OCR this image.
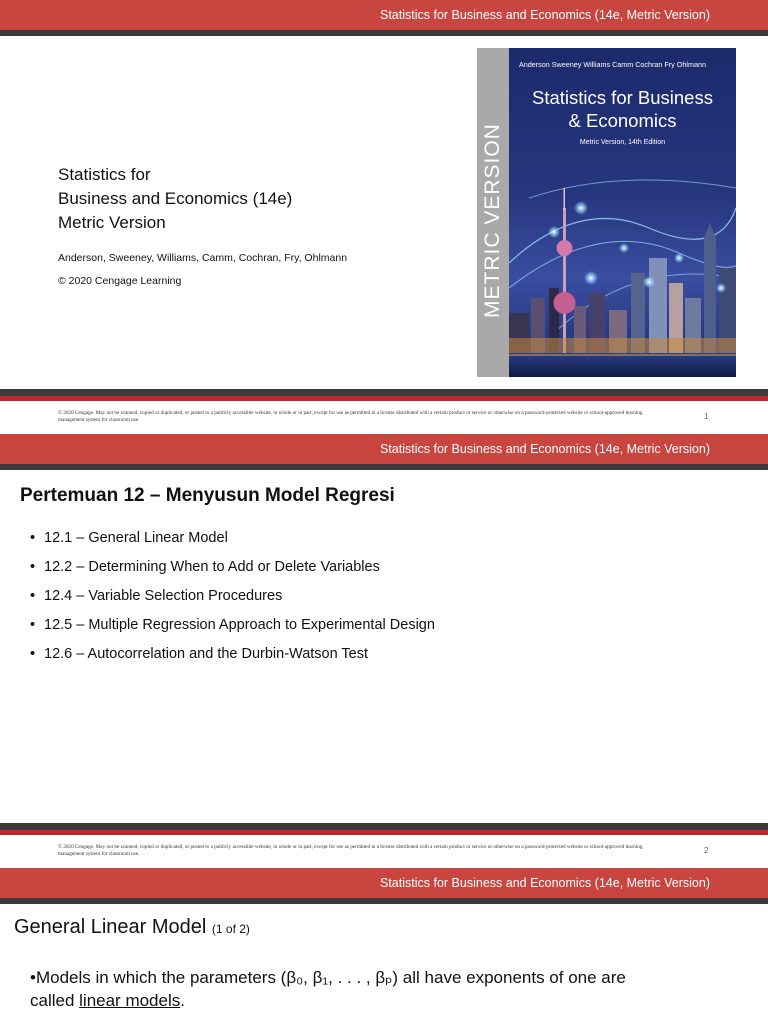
Statistics for Business and Economics (14e, Metric Version)
Statistics for
Business and Economics (14e)
Metric Version
Anderson, Sweeney, Williams, Camm, Cochran, Fry, Ohlmann
© 2020 Cengage Learning	METRIC VERSION
Anderson Sweeney Williams Camm Cochran Fry Ohlmann
Statistics for Business
& Economics
Metric Version, 14th Edition
© 2020 Cengage. May not be scanned, copied or duplicated, or posted to a publicly accessible website, in whole or in part, except for use as permitted in a license distributed with a certain product or service or otherwise on a password-protected website or school-approved learning management system for classroom use.	1
Statistics for Business and Economics (14e, Metric Version)
Pertemuan 12 – Menyusun Model Regresi
• 12.1 – General Linear Model
• 12.2 – Determining When to Add or Delete Variables
• 12.4 – Variable Selection Procedures
• 12.5 – Multiple Regression Approach to Experimental Design
• 12.6 – Autocorrelation and the Durbin-Watson Test
© 2020 Cengage. May not be scanned, copied or duplicated, or posted to a publicly accessible website, in whole or in part, except for use as permitted in a license distributed with a certain product or service or otherwise on a password-protected website or school-approved learning management system for classroom use.	2
Statistics for Business and Economics (14e, Metric Version)
General Linear Model (1 of 2)
•Models in which the parameters (β₀, β₁, . . . , βₚ) all have exponents of one are
called linear models.
